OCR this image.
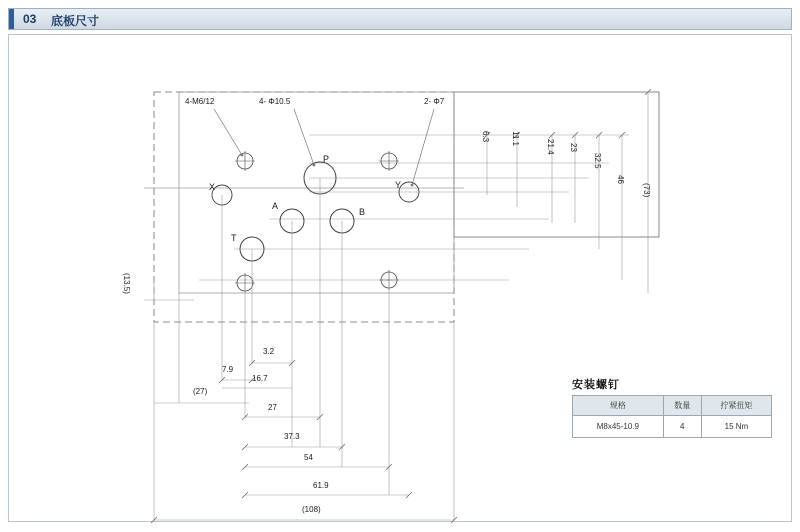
03 底板尺寸
4-M6/12	4- Φ10.5	2- Φ7
P
X	Y
A
B
T
6.3	11.1
21.4 23
32.5
46
(73)
(13.5)
3.2
7.9
16.7
(27)
27
37.3
54
61.9
(108)
安装螺钉
规格	数量	拧紧扭矩
M8x45-10.9	4	15 Nm
